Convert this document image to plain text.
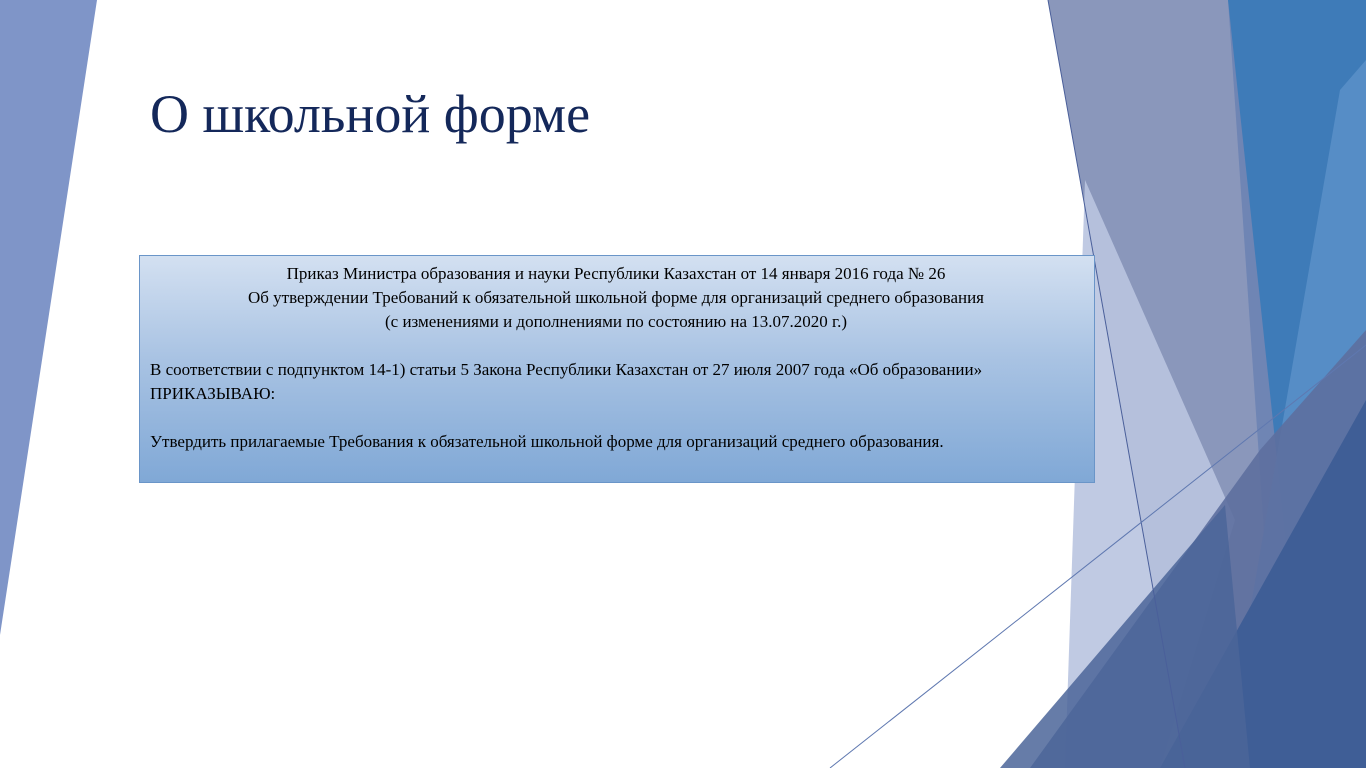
О школьной форме
Приказ Министра образования и науки Республики Казахстан от 14 января 2016 года № 26
Об утверждении Требований к обязательной школьной форме для организаций среднего образования
(с изменениями и дополнениями по состоянию на 13.07.2020 г.)

В соответствии с подпунктом 14-1) статьи 5 Закона Республики Казахстан от 27 июля 2007 года «Об образовании» ПРИКАЗЫВАЮ:

Утвердить прилагаемые Требования к обязательной школьной форме для организаций среднего образования.
